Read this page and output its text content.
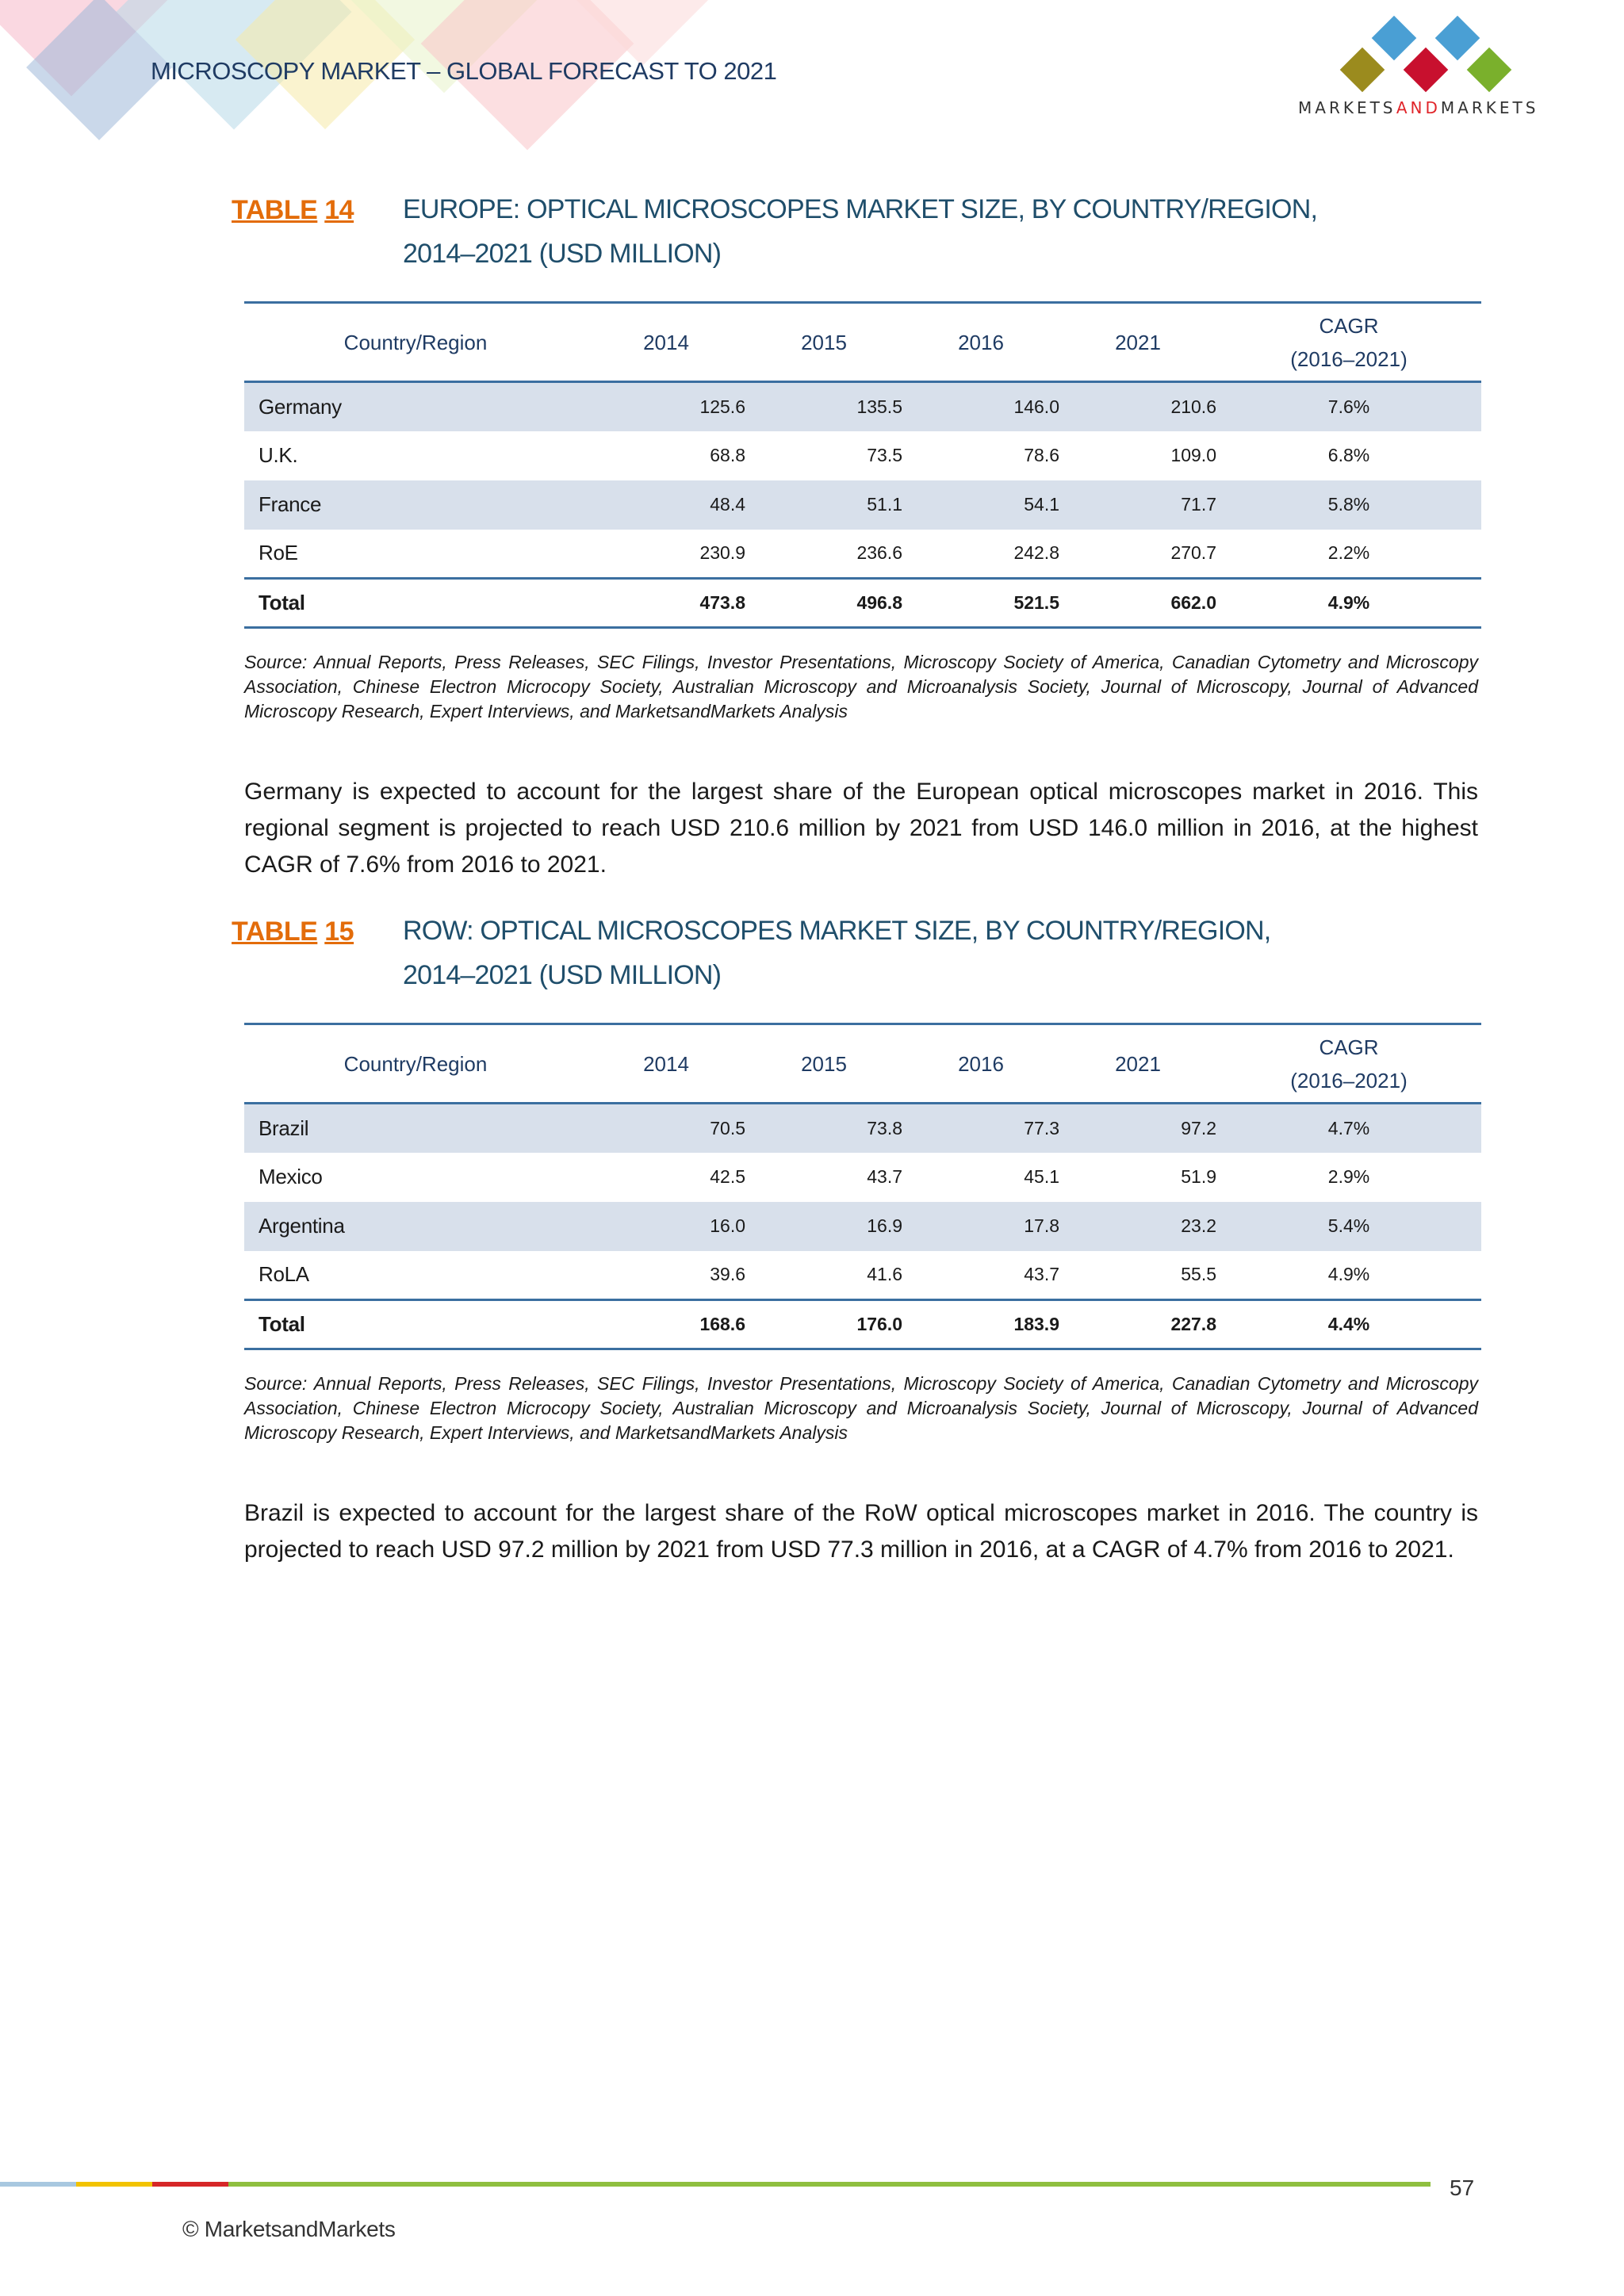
MICROSCOPY MARKET – GLOBAL FORECAST TO 2021
MARKETSANDMARKETS
TABLE 14 EUROPE: OPTICAL MICROSCOPES MARKET SIZE, BY COUNTRY/REGION,
2014–2021 (USD MILLION)
Country/Region	2014	2015	2016	2021	CAGR
(2016–2021)

Germany	125.6	135.5	146.0	210.6	7.6%
U.K.	68.8	73.5	78.6	109.0	6.8%
France	48.4	51.1	54.1	71.7	5.8%
RoE	230.9	236.6	242.8	270.7	2.2%
Total	473.8	496.8	521.5	662.0	4.9%
Source: Annual Reports, Press Releases, SEC Filings, Investor Presentations, Microscopy Society of America, Canadian Cytometry and Microscopy Association, Chinese Electron Microcopy Society, Australian Microscopy and Microanalysis Society, Journal of Microscopy, Journal of Advanced Microscopy Research, Expert Interviews, and MarketsandMarkets Analysis
Germany is expected to account for the largest share of the European optical microscopes market in 2016. This regional segment is projected to reach USD 210.6 million by 2021 from USD 146.0 million in 2016, at the highest CAGR of 7.6% from 2016 to 2021.
TABLE 15 ROW: OPTICAL MICROSCOPES MARKET SIZE, BY COUNTRY/REGION,
2014–2021 (USD MILLION)
Country/Region	2014	2015	2016	2021	CAGR
(2016–2021)

Brazil	70.5	73.8	77.3	97.2	4.7%
Mexico	42.5	43.7	45.1	51.9	2.9%
Argentina	16.0	16.9	17.8	23.2	5.4%
RoLA	39.6	41.6	43.7	55.5	4.9%
Total	168.6	176.0	183.9	227.8	4.4%
Source: Annual Reports, Press Releases, SEC Filings, Investor Presentations, Microscopy Society of America, Canadian Cytometry and Microscopy Association, Chinese Electron Microcopy Society, Australian Microscopy and Microanalysis Society, Journal of Microscopy, Journal of Advanced Microscopy Research, Expert Interviews, and MarketsandMarkets Analysis
Brazil is expected to account for the largest share of the RoW optical microscopes market in 2016. The country is projected to reach USD 97.2 million by 2021 from USD 77.3 million in 2016, at a CAGR of 4.7% from 2016 to 2021.
57
© MarketsandMarkets
